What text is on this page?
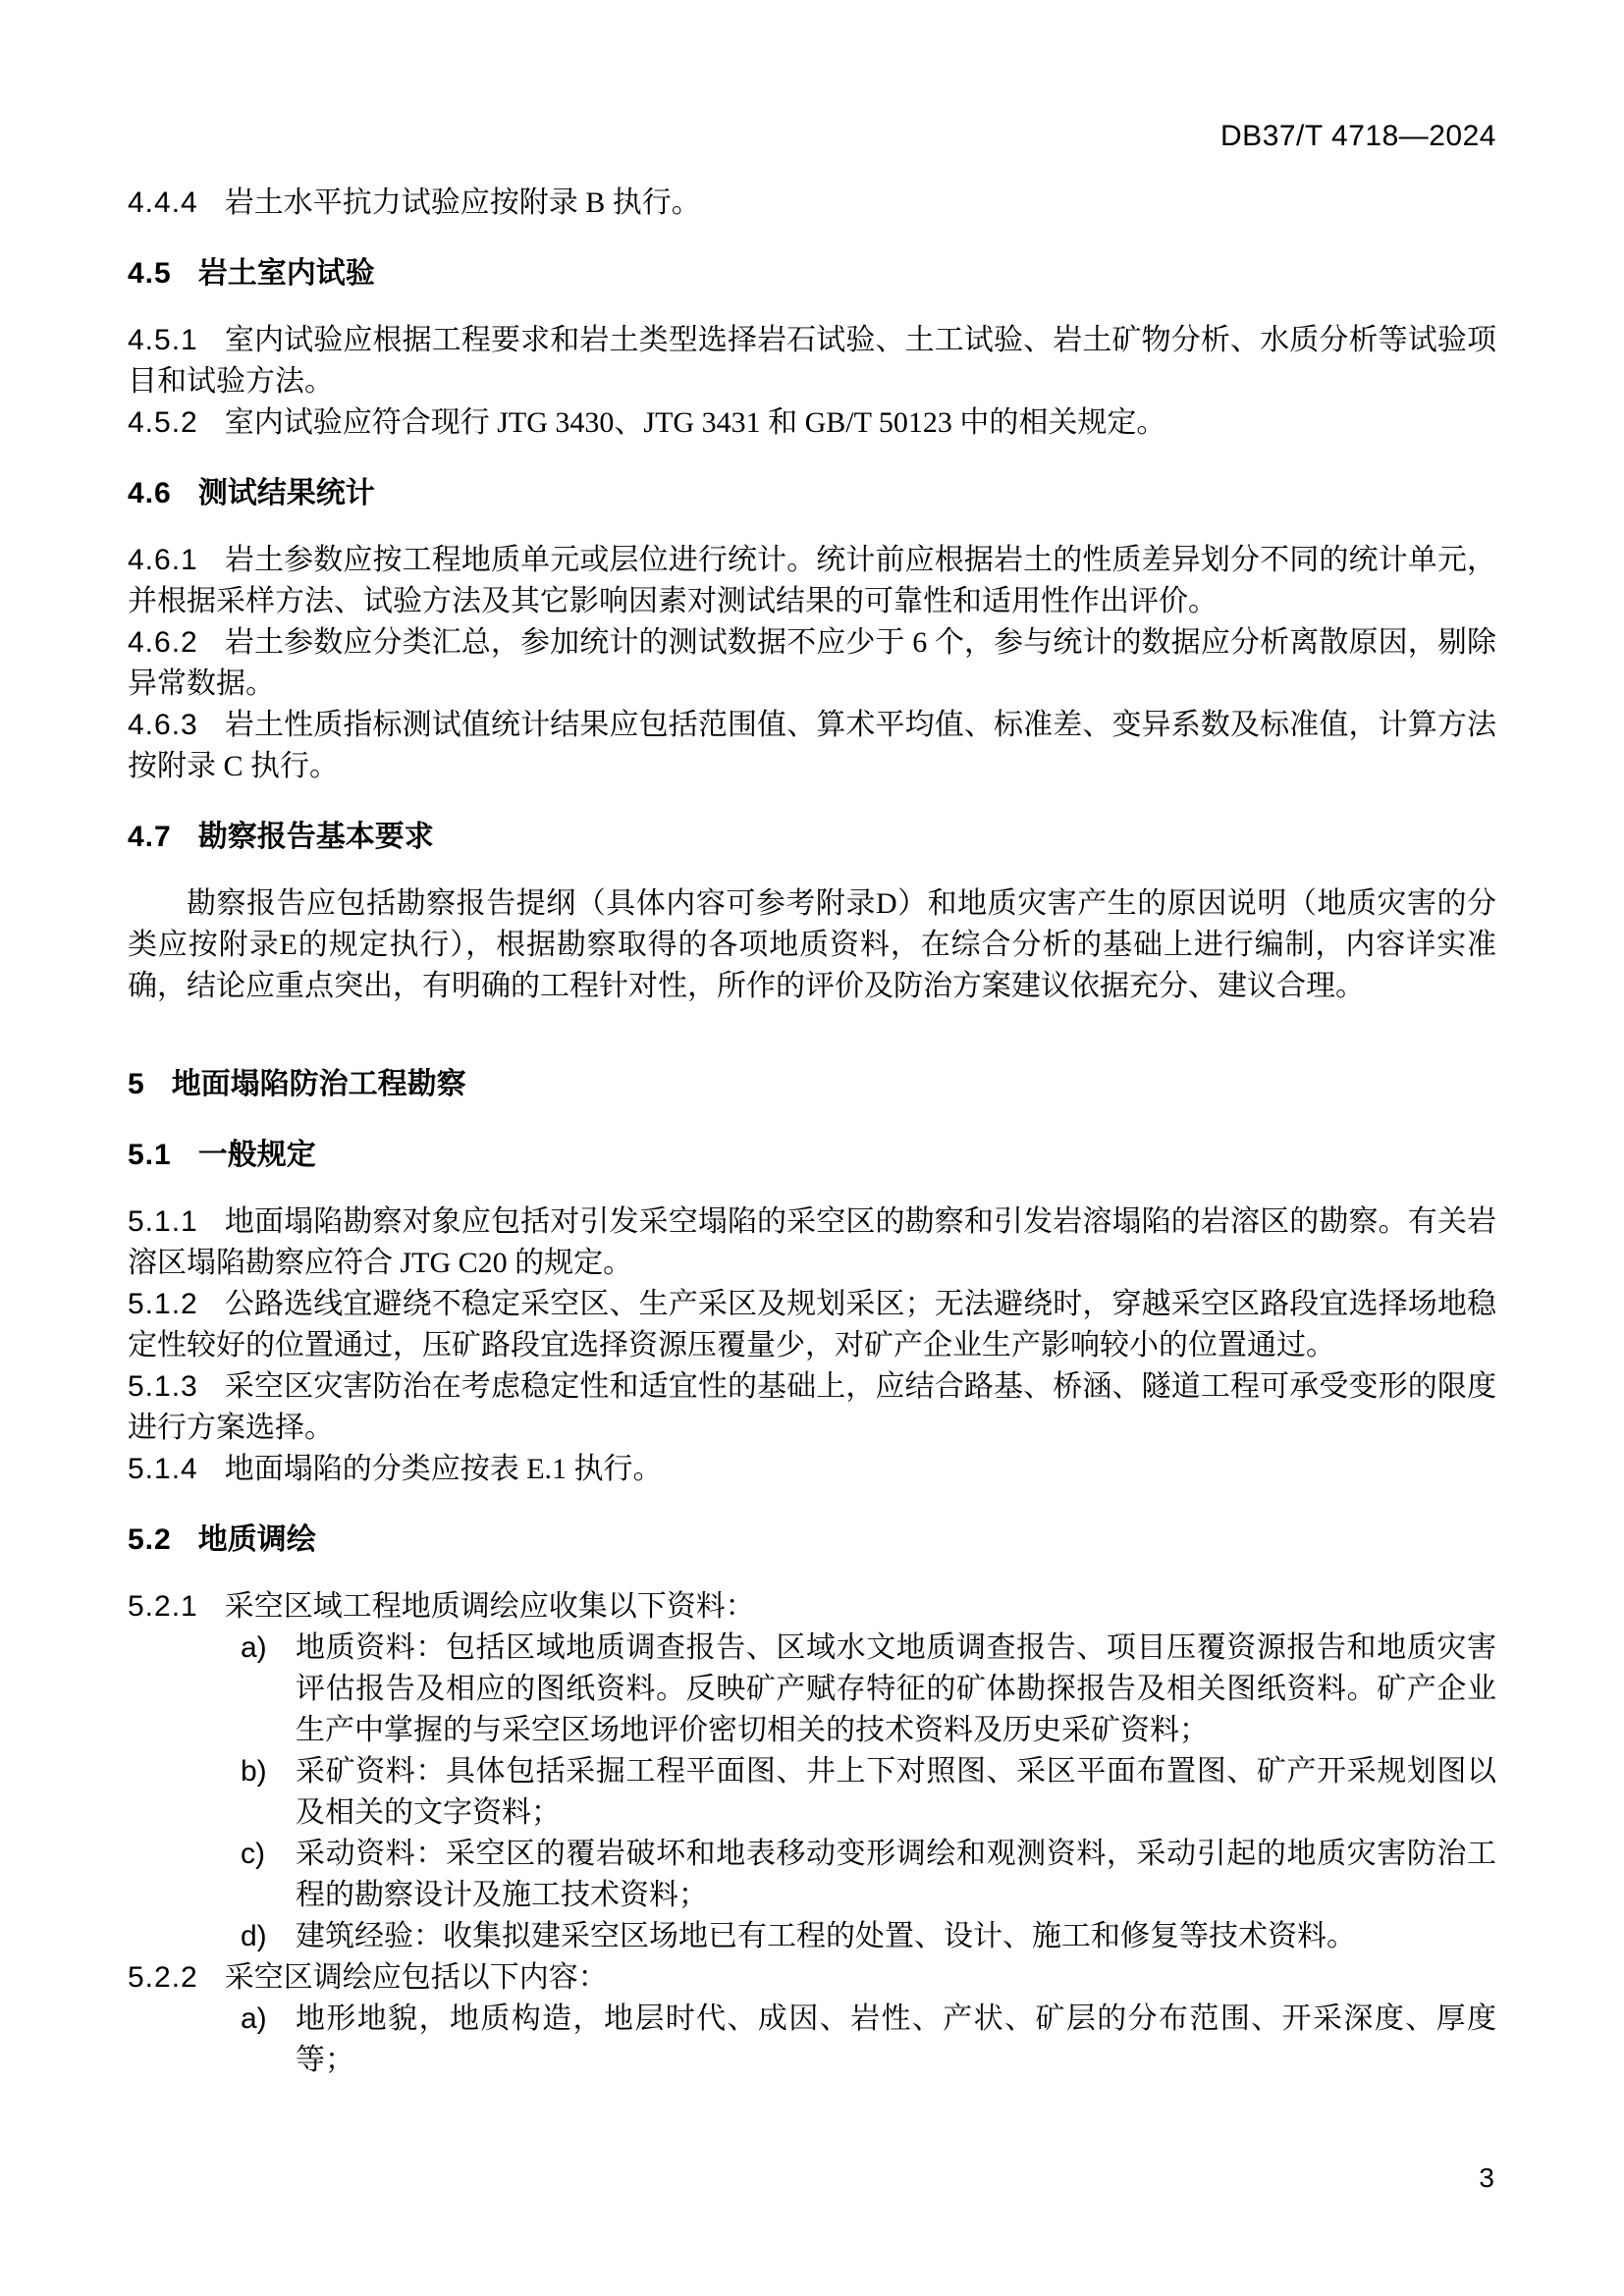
DB37/T 4718—2024

4.4.4 岩土水平抗力试验应按附录 B 执行。

4.5 岩土室内试验

4.5.1 室内试验应根据工程要求和岩土类型选择岩石试验、土工试验、岩土矿物分析、水质分析等试验项目和试验方法。

4.5.2 室内试验应符合现行 JTG 3430、JTG 3431 和 GB/T 50123 中的相关规定。

4.6 测试结果统计

4.6.1 岩土参数应按工程地质单元或层位进行统计。统计前应根据岩土的性质差异划分不同的统计单元，并根据采样方法、试验方法及其它影响因素对测试结果的可靠性和适用性作出评价。

4.6.2 岩土参数应分类汇总，参加统计的测试数据不应少于 6 个，参与统计的数据应分析离散原因，剔除异常数据。

4.6.3 岩土性质指标测试值统计结果应包括范围值、算术平均值、标准差、变异系数及标准值，计算方法按附录 C 执行。

4.7 勘察报告基本要求

勘察报告应包括勘察报告提纲（具体内容可参考附录D）和地质灾害产生的原因说明（地质灾害的分类应按附录E的规定执行），根据勘察取得的各项地质资料，在综合分析的基础上进行编制，内容详实准确，结论应重点突出，有明确的工程针对性，所作的评价及防治方案建议依据充分、建议合理。

5 地面塌陷防治工程勘察
5.1 一般规定

5.1.1 地面塌陷勘察对象应包括对引发采空塌陷的采空区的勘察和引发岩溶塌陷的岩溶区的勘察。有关岩溶区塌陷勘察应符合 JTG C20 的规定。

5.1.2 公路选线宜避绕不稳定采空区、生产采区及规划采区；无法避绕时，穿越采空区路段宜选择场地稳定性较好的位置通过，压矿路段宜选择资源压覆量少，对矿产企业生产影响较小的位置通过。

5.1.3 采空区灾害防治在考虑稳定性和适宜性的基础上，应结合路基、桥涵、隧道工程可承受变形的限度进行方案选择。

5.1.4 地面塌陷的分类应按表 E.1 执行。

5.2 地质调绘

5.2.1 采空区域工程地质调绘应收集以下资料：

a) 地质资料：包括区域地质调查报告、区域水文地质调查报告、项目压覆资源报告和地质灾害评估报告及相应的图纸资料。反映矿产赋存特征的矿体勘探报告及相关图纸资料。矿产企业生产中掌握的与采空区场地评价密切相关的技术资料及历史采矿资料；
b) 采矿资料：具体包括采掘工程平面图、井上下对照图、采区平面布置图、矿产开采规划图以及相关的文字资料；
c)	采动资料：采空区的覆岩破坏和地表移动变形调绘和观测资料，采动引起的地质灾害防治工程的勘察设计及施工技术资料；
d) 建筑经验：收集拟建采空区场地已有工程的处置、设计、施工和修复等技术资料。

5.2.2 采空区调绘应包括以下内容：

a) 地形地貌，地质构造，地层时代、成因、岩性、产状、矿层的分布范围、开采深度、厚度等；
3
